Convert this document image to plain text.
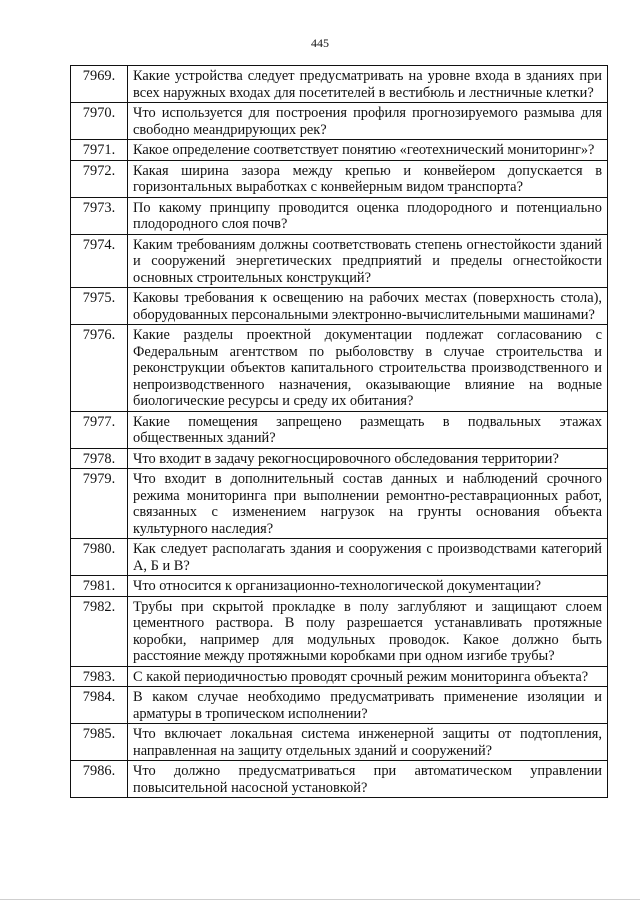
445
7969.	Какие устройства следует предусматривать на уровне входа в зданиях при всех наружных входах для посетителей в вестибюль и лестничные клетки?
7970.	Что используется для построения профиля прогнозируемого размыва для свободно меандрирующих рек?
7971.	Какое определение соответствует понятию «геотехнический мониторинг»?
7972.	Какая ширина зазора между крепью и конвейером допускается в горизонтальных выработках с конвейерным видом транспорта?
7973.	По какому принципу проводится оценка плодородного и потенциально плодородного слоя почв?
7974.	Каким требованиям должны соответствовать степень огнестойкости зданий и сооружений энергетических предприятий и пределы огнестойкости основных строительных конструкций?
7975.	Каковы требования к освещению на рабочих местах (поверхность стола), оборудованных персональными электронно-вычислительными машинами?
7976.	Какие разделы проектной документации подлежат согласованию с Федеральным агентством по рыболовству в случае строительства и реконструкции объектов капитального строительства производственного и непроизводственного назначения, оказывающие влияние на водные биологические ресурсы и среду их обитания?
7977.	Какие помещения запрещено размещать в подвальных этажах общественных зданий?
7978.	Что входит в задачу рекогносцировочного обследования территории?
7979.	Что входит в дополнительный состав данных и наблюдений срочного режима мониторинга при выполнении ремонтно-реставрационных работ, связанных с изменением нагрузок на грунты основания объекта культурного наследия?
7980.	Как следует располагать здания и сооружения с производствами категорий А, Б и В?
7981.	Что относится к организационно-технологической документации?
7982.	Трубы при скрытой прокладке в полу заглубляют и защищают слоем цементного раствора. В полу разрешается устанавливать протяжные коробки, например для модульных проводок. Какое должно быть расстояние между протяжными коробками при одном изгибе трубы?
7983.	С какой периодичностью проводят срочный режим мониторинга объекта?
7984.	В каком случае необходимо предусматривать применение изоляции и арматуры в тропическом исполнении?
7985.	Что включает локальная система инженерной защиты от подтопления, направленная на защиту отдельных зданий и сооружений?
7986.	Что должно предусматриваться при автоматическом управлении повысительной насосной установкой?
